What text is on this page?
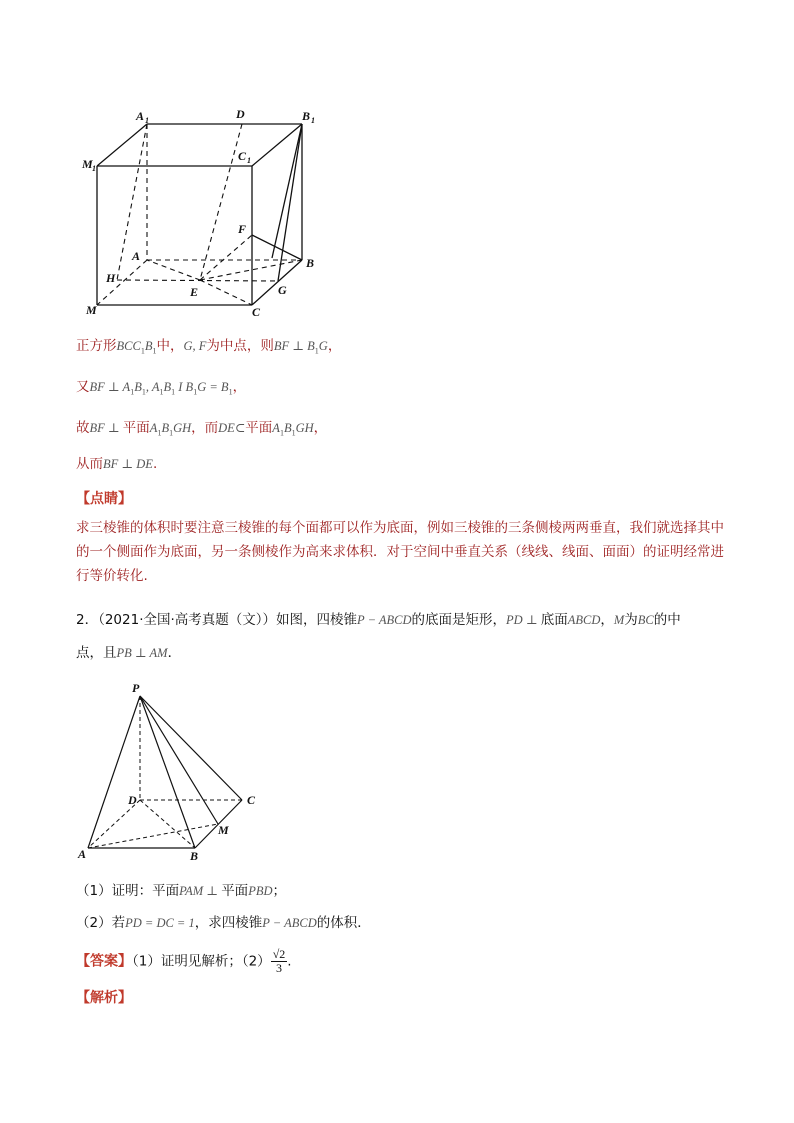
A 1	D	B 1
C 1
M 1
F
A	B
H
E	G
M	C
正方形$BCC_1B_1$中，G, F为中点，则BF ⊥ $B_1G$，
又BF ⊥ $A_1B_1$, $A_1B_1$ I $B_1G = B_1$，
故BF ⊥ 平面$A_1B_1GH$，而DE⊂平面$A_1B_1GH$，
从而BF ⊥ DE.
【点睛】
求三棱锥的体积时要注意三棱锥的每个面都可以作为底面，例如三棱锥的三条侧棱两两垂直，我们就选择其中的一个侧面作为底面，另一条侧棱作为高来求体积．对于空间中垂直关系（线线、线面、面面）的证明经常进行等价转化.
2．（2021·全国·高考真题（文））如图，四棱锥P − ABCD的底面是矩形，PD ⊥ 底面ABCD，M为BC的中
点，且PB ⊥ AM．
P
D	C
M
A	B
（1）证明：平面PAM ⊥ 平面PBD；
（2）若PD = DC = 1，求四棱锥P − ABCD的体积．
【答案】（1）证明见解析；$(2) \frac{√2}{3}$ .
【解析】
